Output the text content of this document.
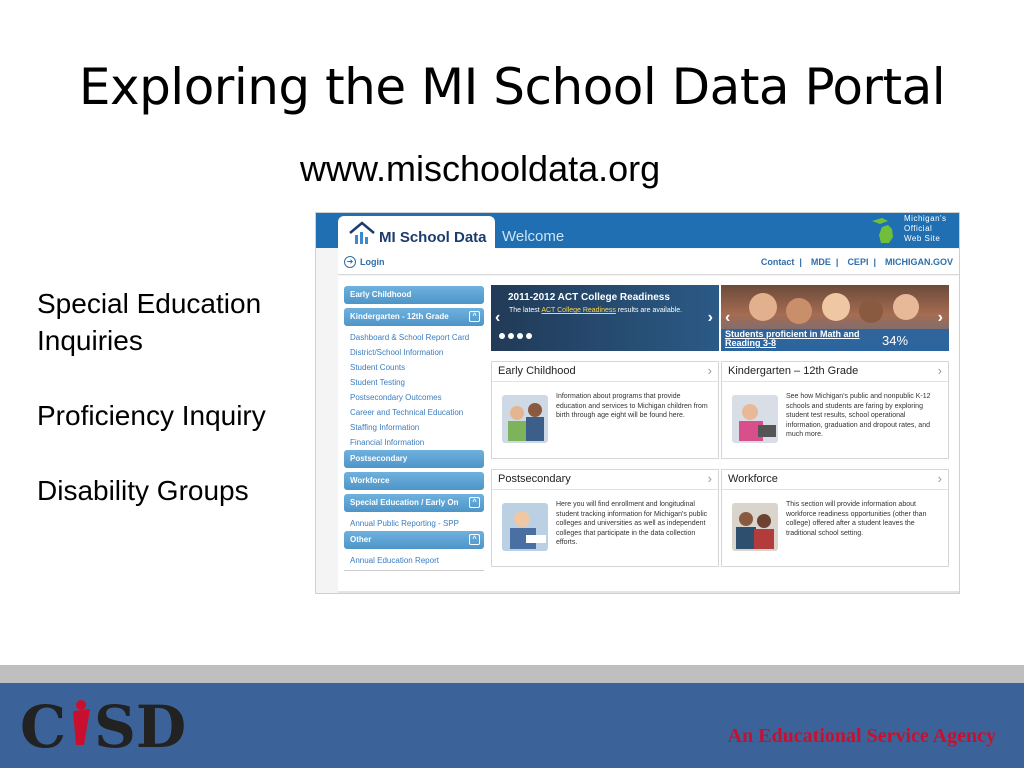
Exploring the MI School Data Portal
www.mischooldata.org
Special Education Inquiries
Proficiency Inquiry
Disability Groups
MI School Data Welcome
Michigan's
Official
Web Site
➜ Login	Contact | MDE | CEPI | MICHIGAN.GOV
Early Childhood
Kindergarten - 12th Grade	^
Dashboard & School Report Card
District/School Information
Student Counts
Student Testing
Postsecondary Outcomes
Career and Technical Education
Staffing Information
Financial Information
Postsecondary
Workforce
Special Education / Early On	^
Annual Public Reporting - SPP
Other	^
Annual Education Report
‹
2011-2012 ACT College Readiness
The latest ACT College Readiness results are available.	› ‹	›
Students proficient in Math and Reading 3-8	34%
Early Childhood	›
Information about programs that provide education and services to Michigan children from birth through age eight will be found here.
Kindergarten – 12th Grade	›
See how Michigan's public and nonpublic K-12 schools and students are faring by exploring student test results, school operational information, graduation and dropout rates, and much more.
Postsecondary	›
Here you will find enrollment and longitudinal student tracking information for Michigan's public colleges and universities as well as independent colleges that participate in the data collection efforts.
Workforce	›
This section will provide information about workforce readiness opportunities (other than college) offered after a student leaves the traditional school setting.
C SD	An Educational Service Agency
